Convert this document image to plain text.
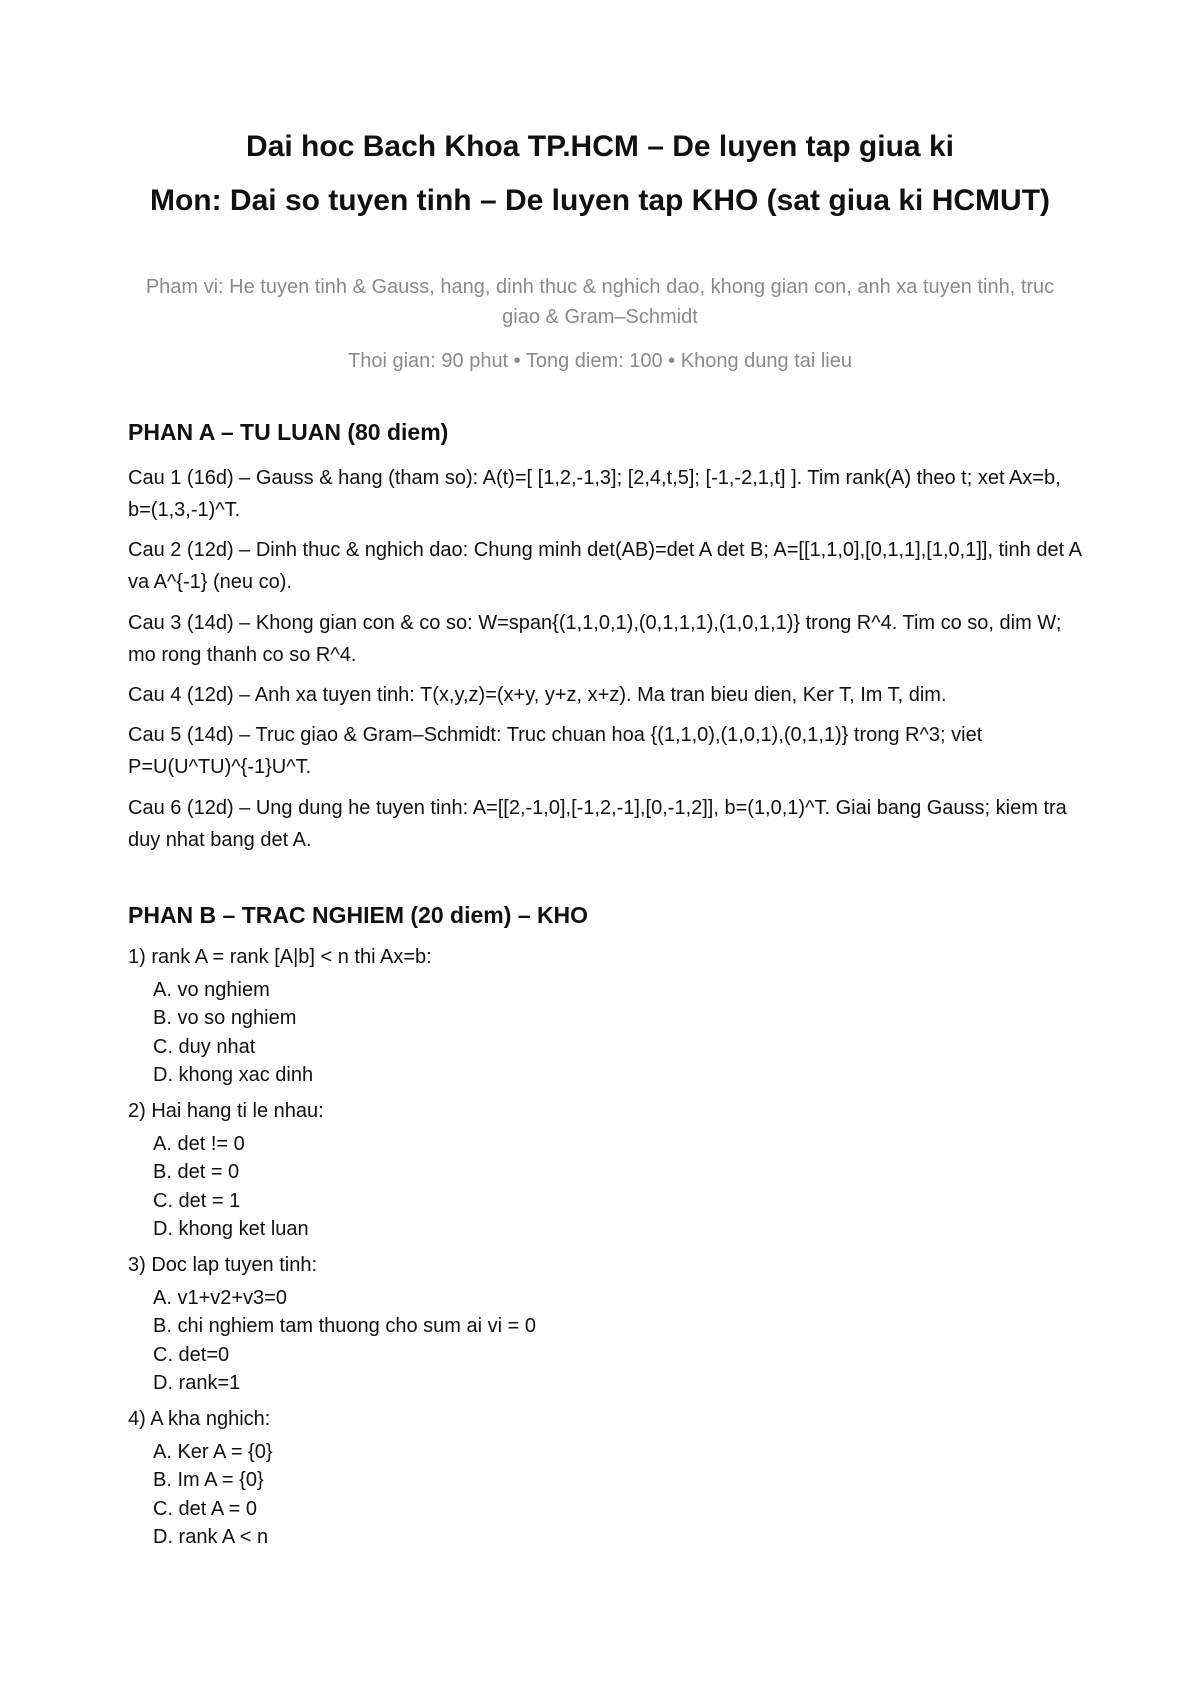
Dai hoc Bach Khoa TP.HCM – De luyen tap giua ki
Mon: Dai so tuyen tinh – De luyen tap KHO (sat giua ki HCMUT)
Pham vi: He tuyen tinh & Gauss, hang, dinh thuc & nghich dao, khong gian con, anh xa tuyen tinh, truc giao & Gram–Schmidt
Thoi gian: 90 phut • Tong diem: 100 • Khong dung tai lieu
PHAN A – TU LUAN (80 diem)
Cau 1 (16d) – Gauss & hang (tham so): A(t)=[ [1,2,-1,3]; [2,4,t,5]; [-1,-2,1,t] ]. Tim rank(A) theo t; xet Ax=b, b=(1,3,-1)^T.
Cau 2 (12d) – Dinh thuc & nghich dao: Chung minh det(AB)=det A det B; A=[[1,1,0],[0,1,1],[1,0,1]], tinh det A va A^{-1} (neu co).
Cau 3 (14d) – Khong gian con & co so: W=span{(1,1,0,1),(0,1,1,1),(1,0,1,1)} trong R^4. Tim co so, dim W; mo rong thanh co so R^4.
Cau 4 (12d) – Anh xa tuyen tinh: T(x,y,z)=(x+y, y+z, x+z). Ma tran bieu dien, Ker T, Im T, dim.
Cau 5 (14d) – Truc giao & Gram–Schmidt: Truc chuan hoa {(1,1,0),(1,0,1),(0,1,1)} trong R^3; viet P=U(U^TU)^{-1}U^T.
Cau 6 (12d) – Ung dung he tuyen tinh: A=[[2,-1,0],[-1,2,-1],[0,-1,2]], b=(1,0,1)^T. Giai bang Gauss; kiem tra duy nhat bang det A.
PHAN B – TRAC NGHIEM (20 diem) – KHO
1) rank A = rank [A|b] < n thi Ax=b:
A. vo nghiem
B. vo so nghiem
C. duy nhat
D. khong xac dinh
2) Hai hang ti le nhau:
A. det != 0
B. det = 0
C. det = 1
D. khong ket luan
3) Doc lap tuyen tinh:
A. v1+v2+v3=0
B. chi nghiem tam thuong cho sum ai vi = 0
C. det=0
D. rank=1
4) A kha nghich:
A. Ker A = {0}
B. Im A = {0}
C. det A = 0
D. rank A < n
